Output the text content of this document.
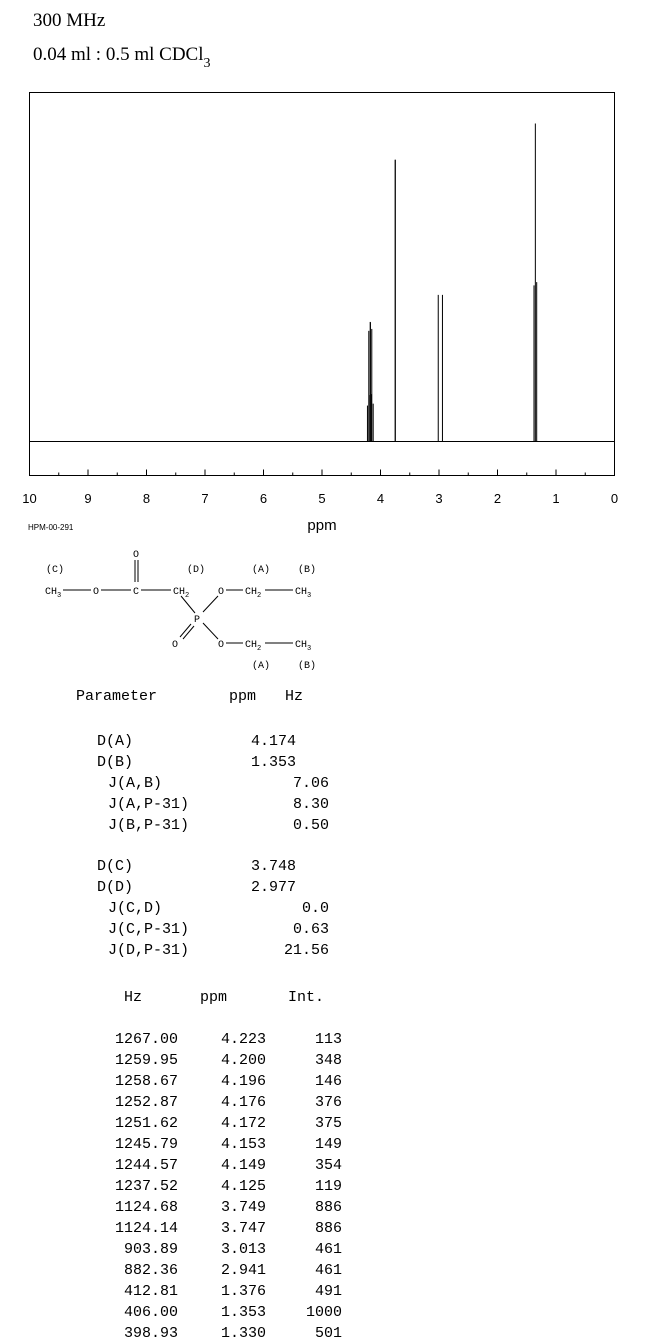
300 MHz
0.04 ml : 0.5 ml CDCl$_3$
10	9	8	7	6	5	4	3	2	1	0
ppm
HPM-00-291
(C)	(D)	(A)	(B)
(A)	(B)
CH 3	O	C
O
CH 2
P
O CH 2	CH 3
O	O CH 2	CH 3
Parameter	ppm Hz
D(A)	4.174
D(B)	1.353
J(A,B)	7.06
J(A,P-31)	8.30
J(B,P-31)	0.50
D(C)	3.748
D(D)	2.977
J(C,D)	0.0
J(C,P-31)	0.63
J(D,P-31)	21.56
Hz	ppm	Int.
1267.00	4.223	113
1259.95	4.200	348
1258.67	4.196	146
1252.87	4.176	376
1251.62	4.172	375
1245.79	4.153	149
1244.57	4.149	354
1237.52	4.125	119
1124.68	3.749	886
1124.14	3.747	886
903.89	3.013	461
882.36	2.941	461
412.81	1.376	491
406.00	1.353	1000
398.93	1.330	501
